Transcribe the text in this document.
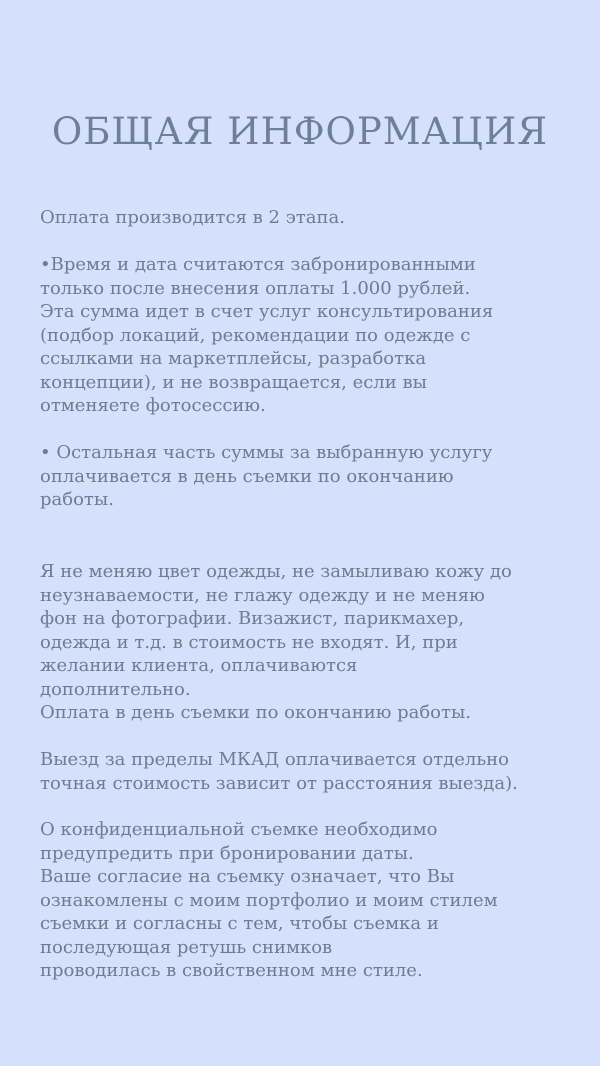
ОБЩАЯ ИНФОРМАЦИЯ
Оплата производится в 2 этапа.
•Время и дата считаются забронированными
только после внесения оплаты 1.000 рублей.
Эта сумма идет в счет услуг консультирования
(подбор локаций, рекомендации по одежде с
ссылками на маркетплейсы, разработка
концепции), и не возвращается, если вы
отменяете фотосессию.
• Остальная часть суммы за выбранную услугу
оплачивается в день съемки по окончанию
работы.
Я не меняю цвет одежды, не замыливаю кожу до
неузнаваемости, не глажу одежду и не меняю
фон на фотографии. Визажист, парикмахер,
одежда и т.д. в стоимость не входят. И, при
желании клиента, оплачиваются
дополнительно.
Оплата в день съемки по окончанию работы.
Выезд за пределы МКАД оплачивается отдельно
точная стоимость зависит от расстояния выезда).
О конфиденциальной съемке необходимо
предупредить при бронировании даты.
Ваше согласие на съемку означает, что Вы
ознакомлены с моим портфолио и моим стилем
съемки и согласны с тем, чтобы съемка и
последующая ретушь снимков
проводилась в свойственном мне стиле.
